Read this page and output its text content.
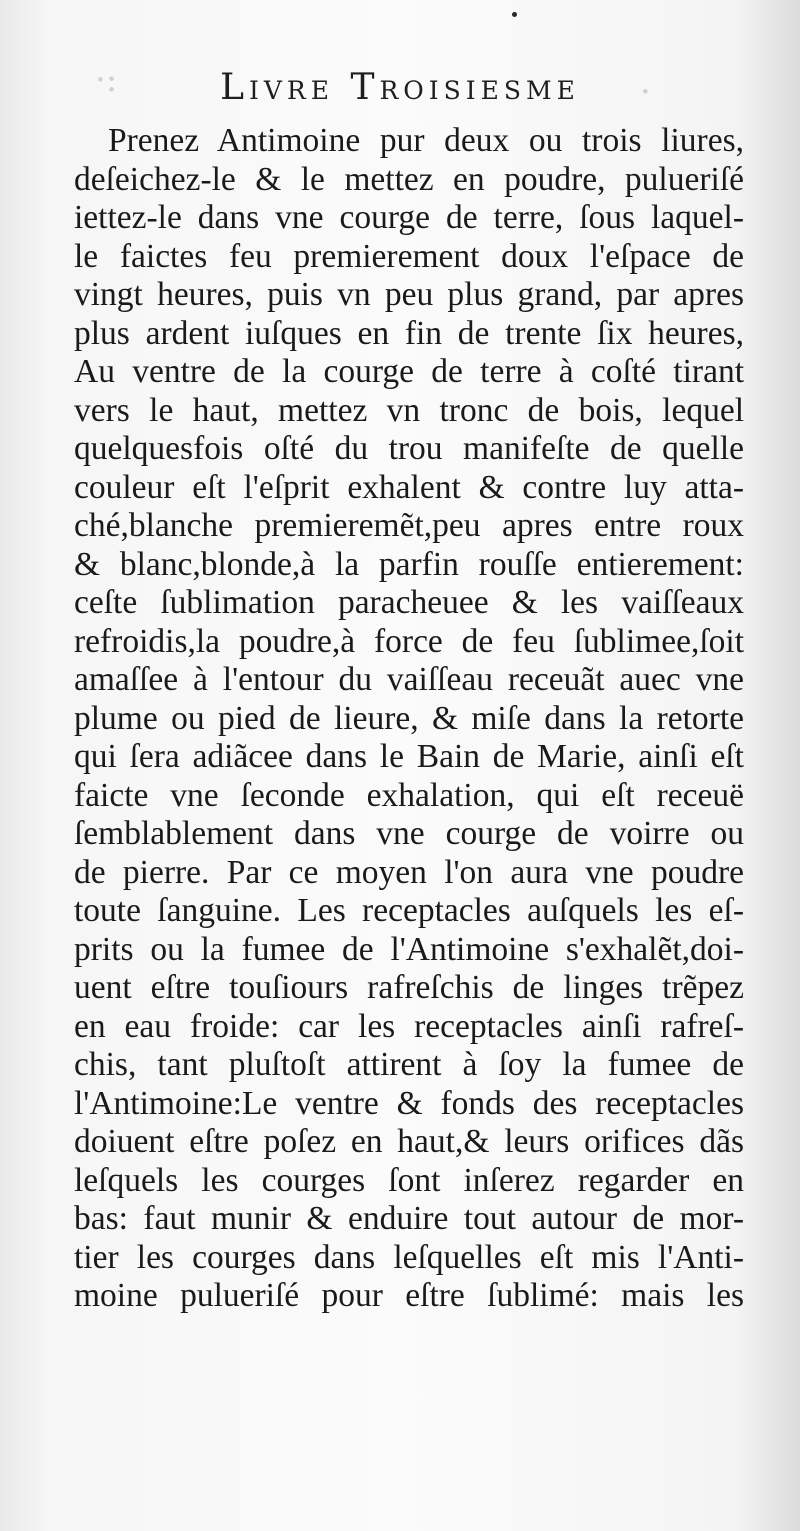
·:	·
Livre Troisiesme
Prenez Antimoine pur deux ou trois liures,
deſeichez-le & le mettez en poudre, pulueriſé
iettez-le dans vne courge de terre, ſous laquel-
le faictes feu premierement doux l'eſpace de
vingt heures, puis vn peu plus grand, par apres
plus ardent iuſques en fin de trente ſix heures,
Au ventre de la courge de terre à coſté tirant
vers le haut, mettez vn tronc de bois, lequel
quelquesfois oſté du trou manifeſte de quelle
couleur eſt l'eſprit exhalent & contre luy atta-
ché,blanche premieremẽt,peu apres entre roux
& blanc,blonde,à la parfin rouſſe entierement:
ceſte ſublimation paracheuee & les vaiſſeaux
refroidis,la poudre,à force de feu ſublimee,ſoit
amaſſee à l'entour du vaiſſeau receuãt auec vne
plume ou pied de lieure, & miſe dans la retorte
qui ſera adiãcee dans le Bain de Marie, ainſi eſt
faicte vne ſeconde exhalation, qui eſt receuë
ſemblablement dans vne courge de voirre ou
de pierre. Par ce moyen l'on aura vne poudre
toute ſanguine. Les receptacles auſquels les eſ-
prits ou la fumee de l'Antimoine s'exhalẽt,doi-
uent eſtre touſiours rafreſchis de linges trẽpez
en eau froide: car les receptacles ainſi rafreſ-
chis, tant pluſtoſt attirent à ſoy la fumee de
l'Antimoine:Le ventre & fonds des receptacles
doiuent eſtre poſez en haut,& leurs orifices dãs
leſquels les courges ſont inſerez regarder en
bas: faut munir & enduire tout autour de mor-
tier les courges dans leſquelles eſt mis l'Anti-
moine pulueriſé pour eſtre ſublimé: mais les
